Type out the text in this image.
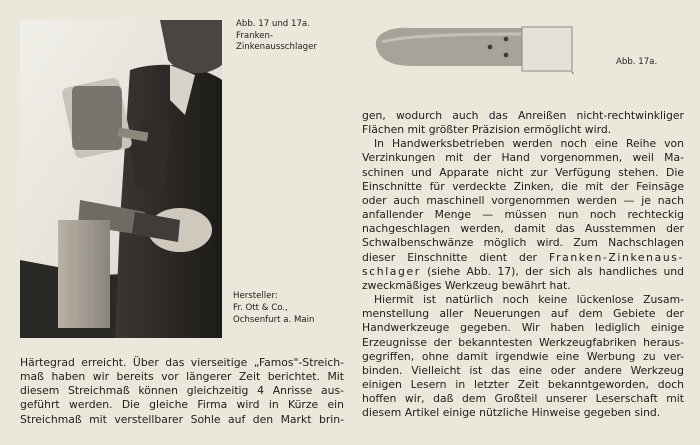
Abb. 17 und 17a.
Franken-
Zinkenausschlager
Abb. 17a.
Hersteller:
Fr. Ott & Co.,
Ochsenfurt a. Main
Härtegrad erreicht. Über das vierseitige „Famos"-Streich-
maß haben wir bereits vor längerer Zeit berichtet. Mit
diesem Streichmaß können gleichzeitig 4 Anrisse aus-
geführt werden. Die gleiche Firma wird in Kürze ein
Streichmaß mit verstellbarer Sohle auf den Markt brin-
gen, wodurch auch das Anreißen nicht-rechtwinkliger
Flächen mit größter Präzision ermöglicht wird.
In Handwerksbetrieben werden noch eine Reihe von
Verzinkungen mit der Hand vorgenommen, weil Ma-
schinen und Apparate nicht zur Verfügung stehen. Die
Einschnitte für verdeckte Zinken, die mit der Feinsäge
oder auch maschinell vorgenommen werden — je nach
anfallender Menge — müssen nun noch rechteckig
nachgeschlagen werden, damit das Ausstemmen der
Schwalbenschwänze möglich wird. Zum Nachschlagen
dieser Einschnitte dient der Franken-Zinkenaus-
schlager (siehe Abb. 17), der sich als handliches und
zweckmäßiges Werkzeug bewährt hat.
Hiermit ist natürlich noch keine lückenlose Zusam-
menstellung aller Neuerungen auf dem Gebiete der
Handwerkzeuge gegeben. Wir haben lediglich einige
Erzeugnisse der bekanntesten Werkzeugfabriken heraus-
gegriffen, ohne damit irgendwie eine Werbung zu ver-
binden. Vielleicht ist das eine oder andere Werkzeug
einigen Lesern in letzter Zeit bekanntgeworden, doch
hoffen wir, daß dem Großteil unserer Leserschaft mit
diesem Artikel einige nützliche Hinweise gegeben sind.
